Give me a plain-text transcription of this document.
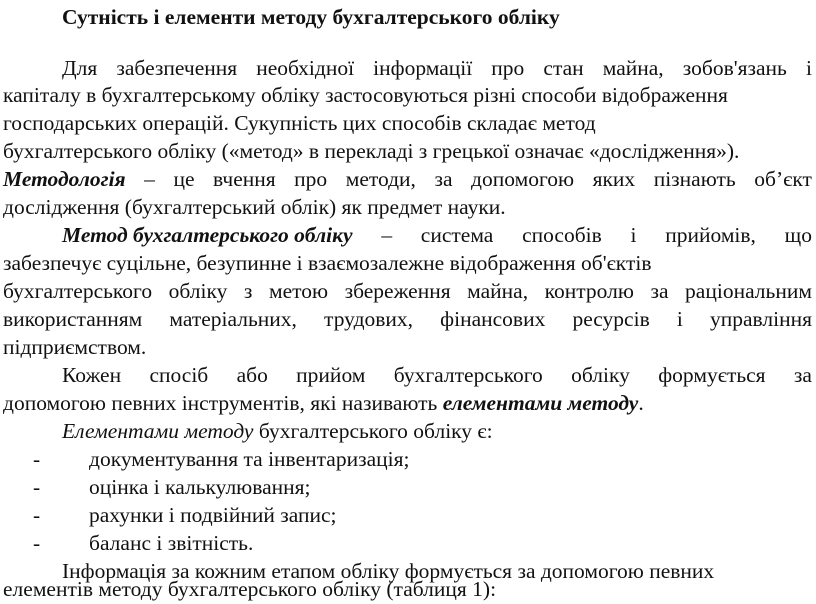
Сутність і елементи методу бухгалтерського обліку
Для забезпечення необхідної інформації про стан майна, зобов'язань і
капіталу в бухгалтерському обліку застосовуються різні способи відображення
господарських операцій. Сукупність цих способів складає метод
бухгалтерського обліку («метод» в перекладі з грецької означає «дослідження»).
Методологія – це вчення про методи, за допомогою яких пізнають об’єкт
дослідження (бухгалтерський облік) як предмет науки.
Метод бухгалтерського обліку – система способів і прийомів, що
забезпечує суцільне, безупинне і взаємозалежне відображення об'єктів
бухгалтерського обліку з метою збереження майна, контролю за раціональним
використанням матеріальних, трудових, фінансових ресурсів і управління
підприємством.
Кожен спосіб або прийом бухгалтерського обліку формується за
допомогою певних інструментів, які називають елементами методу.
Елементами методу бухгалтерського обліку є:
- документування та інвентаризація;
- оцінка і калькулювання;
- рахунки і подвійний запис;
- баланс і звітність.
Інформація за кожним етапом обліку формується за допомогою певних
елементів методу бухгалтерського обліку (таблиця 1):
